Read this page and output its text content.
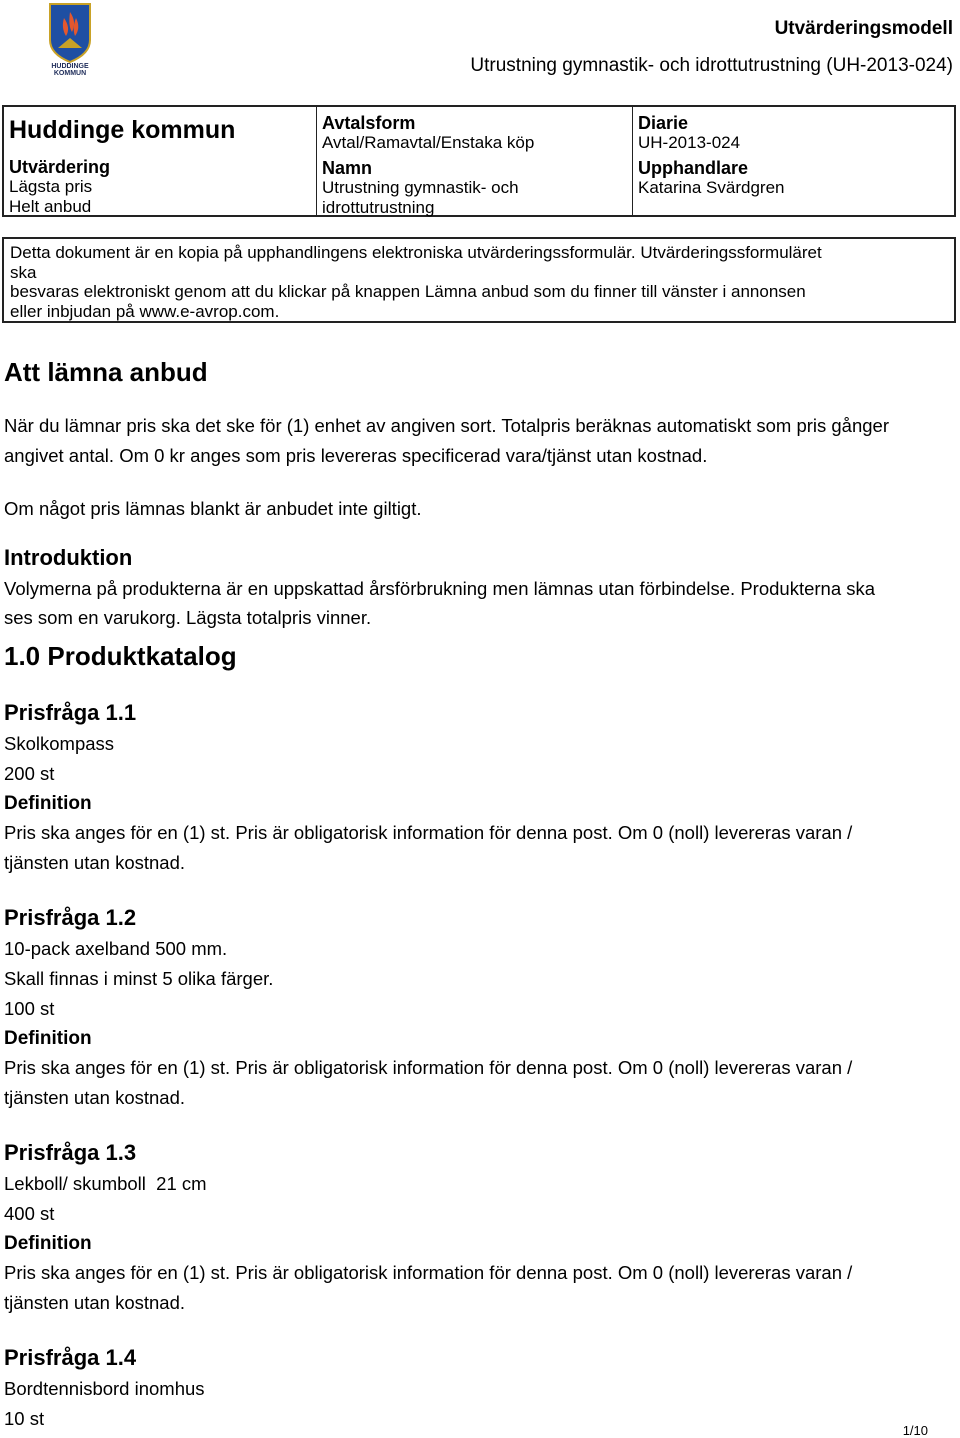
HUDDINGE
KOMMUN
Utvärderingsmodell
Utrustning gymnastik- och idrottutrustning (UH-2013-024)
Huddinge kommun
Utvärdering
Lägsta pris
Helt anbud
Avtalsform
Avtal/Ramavtal/Enstaka köp
Namn
Utrustning gymnastik- och idrottutrustning
Diarie
UH-2013-024
Upphandlare
Katarina Svärdgren
Detta dokument är en kopia på upphandlingens elektroniska utvärderingssformulär. Utvärderingssformuläret
ska
besvaras elektroniskt genom att du klickar på knappen Lämna anbud som du finner till vänster i annonsen
eller inbjudan på www.e-avrop.com.
Att lämna anbud
När du lämnar pris ska det ske för (1) enhet av angiven sort. Totalpris beräknas automatiskt som pris gånger
angivet antal. Om 0 kr anges som pris levereras specificerad vara/tjänst utan kostnad.
Om något pris lämnas blankt är anbudet inte giltigt.
Introduktion
Volymerna på produkterna är en uppskattad årsförbrukning men lämnas utan förbindelse. Produkterna ska
ses som en varukorg. Lägsta totalpris vinner.
1.0 Produktkatalog
Prisfråga 1.1
Skolkompass
200 st
Definition
Pris ska anges för en (1) st. Pris är obligatorisk information för denna post. Om 0 (noll) levereras varan /
tjänsten utan kostnad.
Prisfråga 1.2
10-pack axelband 500 mm.
Skall finnas i minst 5 olika färger.
100 st
Definition
Pris ska anges för en (1) st. Pris är obligatorisk information för denna post. Om 0 (noll) levereras varan /
tjänsten utan kostnad.
Prisfråga 1.3
Lekboll/ skumboll  21 cm
400 st
Definition
Pris ska anges för en (1) st. Pris är obligatorisk information för denna post. Om 0 (noll) levereras varan /
tjänsten utan kostnad.
Prisfråga 1.4
Bordtennisbord inomhus
10 st
1/10
